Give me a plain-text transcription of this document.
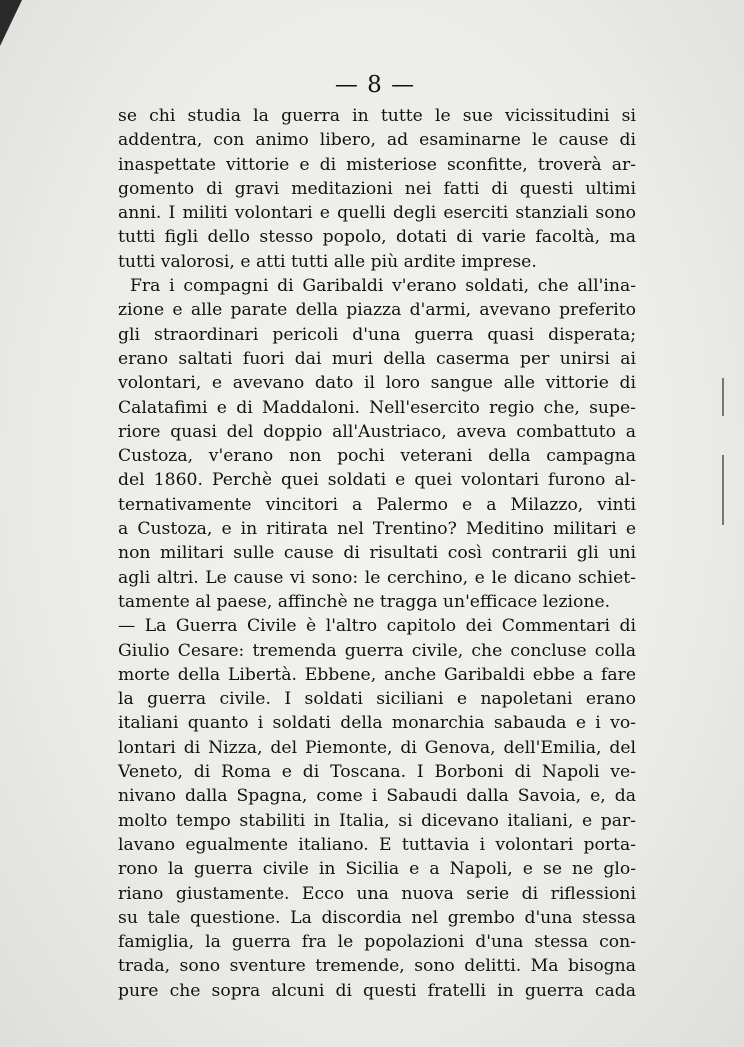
— 8 —
se chi studia la guerra in tutte le sue vicissitudini si
addentra, con animo libero, ad esaminarne le cause di
inaspettate vittorie e di misteriose sconfitte, troverà ar-
gomento di gravi meditazioni nei fatti di questi ultimi
anni. I militi volontari e quelli degli eserciti stanziali sono
tutti figli dello stesso popolo, dotati di varie facoltà, ma
tutti valorosi, e atti tutti alle più ardite imprese.
Fra i compagni di Garibaldi v'erano soldati, che all'ina-
zione e alle parate della piazza d'armi, avevano preferito
gli straordinari pericoli d'una guerra quasi disperata;
erano saltati fuori dai muri della caserma per unirsi ai
volontari, e avevano dato il loro sangue alle vittorie di
Calatafimi e di Maddaloni. Nell'esercito regio che, supe-
riore quasi del doppio all'Austriaco, aveva combattuto a
Custoza, v'erano non pochi veterani della campagna
del 1860. Perchè quei soldati e quei volontari furono al-
ternativamente vincitori a Palermo e a Milazzo, vinti
a Custoza, e in ritirata nel Trentino? Meditino militari e
non militari sulle cause di risultati così contrarii gli uni
agli altri. Le cause vi sono: le cerchino, e le dicano schiet-
tamente al paese, affinchè ne tragga un'efficace lezione.
— La Guerra Civile è l'altro capitolo dei Commentari di
Giulio Cesare: tremenda guerra civile, che concluse colla
morte della Libertà. Ebbene, anche Garibaldi ebbe a fare
la guerra civile. I soldati siciliani e napoletani erano
italiani quanto i soldati della monarchia sabauda e i vo-
lontari di Nizza, del Piemonte, di Genova, dell'Emilia, del
Veneto, di Roma e di Toscana. I Borboni di Napoli ve-
nivano dalla Spagna, come i Sabaudi dalla Savoia, e, da
molto tempo stabiliti in Italia, si dicevano italiani, e par-
lavano egualmente italiano. E tuttavia i volontari porta-
rono la guerra civile in Sicilia e a Napoli, e se ne glo-
riano giustamente. Ecco una nuova serie di riflessioni
su tale questione. La discordia nel grembo d'una stessa
famiglia, la guerra fra le popolazioni d'una stessa con-
trada, sono sventure tremende, sono delitti. Ma bisogna
pure che sopra alcuni di questi fratelli in guerra cada
